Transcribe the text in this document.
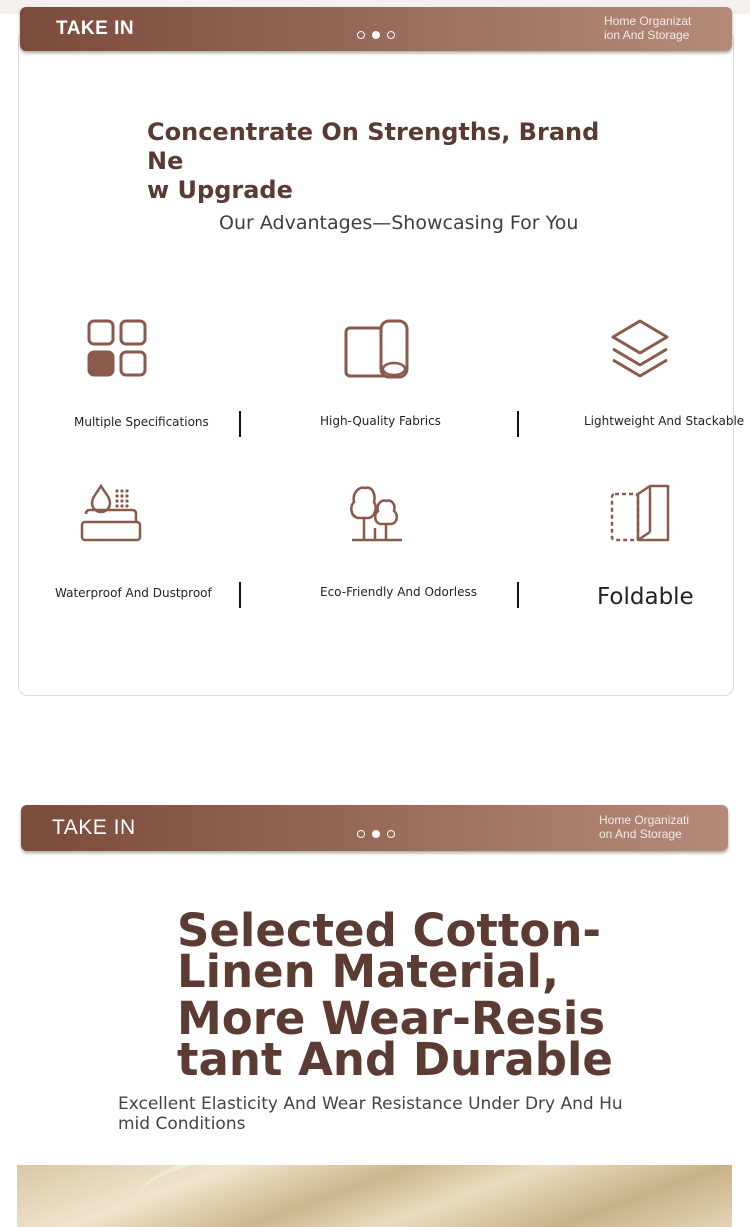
TAKE IN	Home Organizat
ion And Storage
Concentrate On Strengths, Brand Ne
w Upgrade
Our Advantages—Showcasing For You
Multiple Specifications	High-Quality Fabrics	Lightweight And Stackable
Waterproof And Dustproof	Eco-Friendly And Odorless	Foldable
TAKE IN	Home Organizati
on And Storage
Selected Cotton-
Linen Material,
More Wear-Resis
tant And Durable
Excellent Elasticity And Wear Resistance Under Dry And Hu
mid Conditions
